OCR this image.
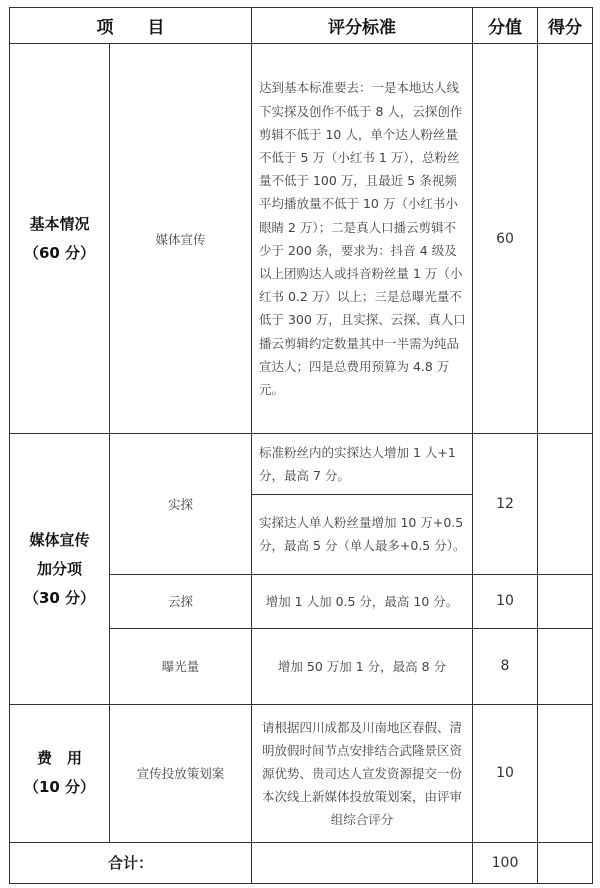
项　　目		评分标准	分值	得分

基本情况
（60 分）	媒体宣传	达到基本标准要去：一是本地达人线下实探及创作不低于 8 人，云探创作剪辑不低于 10 人，单个达人粉丝量不低于 5 万（小红书 1 万），总粉丝量不低于 100 万，且最近 5 条视频平均播放量不低于 10 万（小红书小眼睛 2 万）；二是真人口播云剪辑不少于 200 条，要求为：抖音 4 级及以上团购达人或抖音粉丝量 1 万（小红书 0.2 万）以上；三是总曝光量不低于 300 万，且实探、云探、真人口播云剪辑约定数量其中一半需为纯品宣达人；四是总费用预算为 4.8 万元。	60	

媒体宣传
加分项
（30 分）	实探	标准粉丝内的实探达人增加 1 人+1 分，最高 7 分。	12	
		实探达人单人粉丝量增加 10 万+0.5 分，最高 5 分（单人最多+0.5 分）。		
	云探	增加 1 人加 0.5 分，最高 10 分。	10	
	曝光量	增加 50 万加 1 分，最高 8 分	8	

费　用
（10 分）	宣传投放策划案	请根据四川成都及川南地区春假、清明放假时间节点安排结合武隆景区资源优势、贵司达人宣发资源提交一份本次线上新媒体投放策划案，由评审组综合评分	10	
合计：			100	
